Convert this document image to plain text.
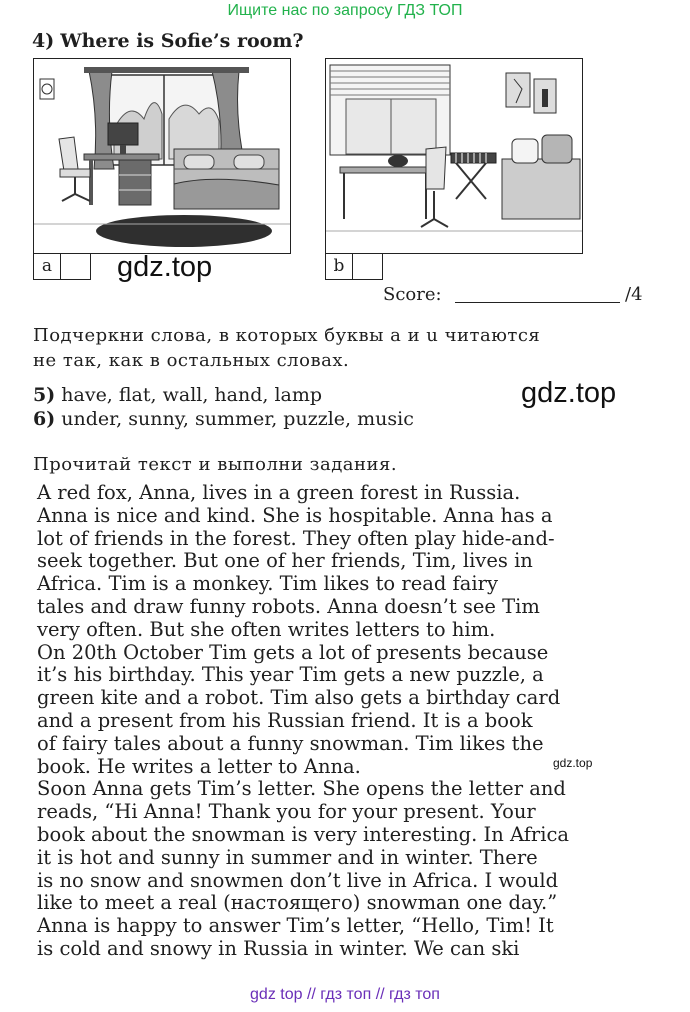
Ищите нас по запросу ГДЗ ТОП
4) Where is Sofie’s room?
a	b
gdz.top
Score:	/4
Подчеркни слова, в которых буквы а и u читаются
не так, как в остальных словах.
5) have, flat, wall, hand, lamp
6) under, sunny, summer, puzzle, music
gdz.top
Прочитай текст и выполни задания.

A red fox, Anna, lives in a green forest in Russia.

Anna is nice and kind. She is hospitable. Anna has a

lot of friends in the forest. They often play hide-and-

seek together. But one of her friends, Tim, lives in

Africa. Tim is a monkey. Tim likes to read fairy

tales and draw funny robots. Anna doesn’t see Tim

very often. But she often writes letters to him.

On 20th October Tim gets a lot of presents because

it’s his birthday. This year Tim gets a new puzzle, a

green kite and a robot. Tim also gets a birthday card

and a present from his Russian friend. It is a book

of fairy tales about a funny snowman. Tim likes the

book. He writes a letter to Anna.

Soon Anna gets Tim’s letter. She opens the letter and

reads, “Hi Anna! Thank you for your present. Your

book about the snowman is very interesting. In Africa

it is hot and sunny in summer and in winter. There

is no snow and snowmen don’t live in Africa. I would

like to meet a real (настоящего) snowman one day.”

Anna is happy to answer Tim’s letter, “Hello, Tim! It

is cold and snowy in Russia in winter. We can ski

gdz.top
gdz top // гдз топ // гдз топ
